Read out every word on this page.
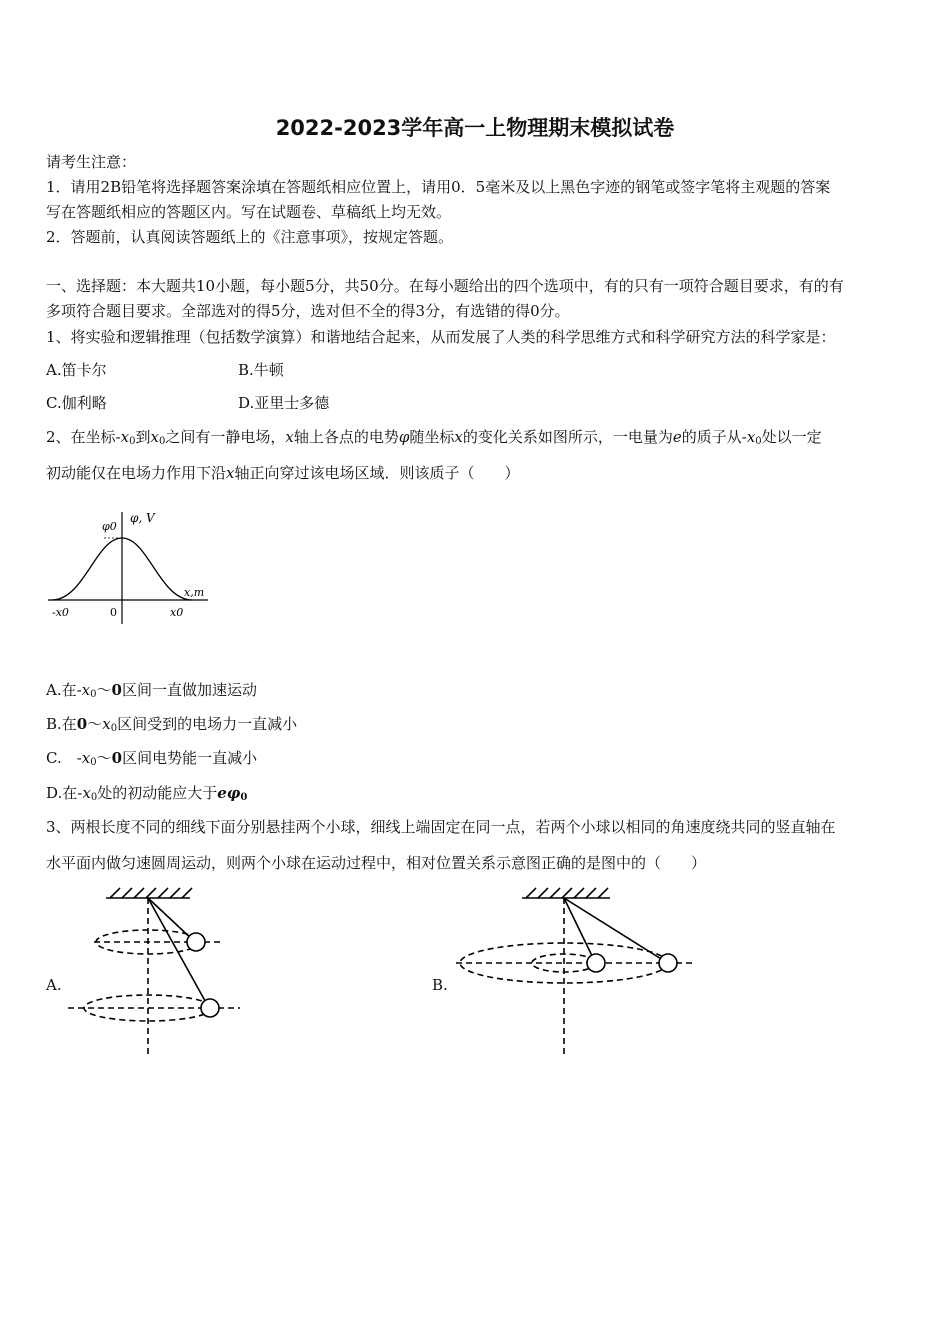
2022-2023学年高一上物理期末模拟试卷
请考生注意：
1．请用2B铅笔将选择题答案涂填在答题纸相应位置上，请用0．5毫米及以上黑色字迹的钢笔或签字笔将主观题的答案
写在答题纸相应的答题区内。写在试题卷、草稿纸上均无效。
2．答题前，认真阅读答题纸上的《注意事项》，按规定答题。
一、选择题：本大题共10小题，每小题5分，共50分。在每小题给出的四个选项中，有的只有一项符合题目要求，有的有
多项符合题目要求。全部选对的得5分，选对但不全的得3分，有选错的得0分。
1、将实验和逻辑推理（包括数学演算）和谐地结合起来，从而发展了人类的科学思维方式和科学研究方法的科学家是：
A.笛卡尔	B.牛顿
C.伽利略	D.亚里士多德
2、在坐标$-x_0$到$x_0$之间有一静电场，x轴上各点的电势φ随坐标x的变化关系如图所示，一电量为e的质子从$-x_0$处以一定
初动能仅在电场力作用下沿x轴正向穿过该电场区域．则该质子（　　）
φ0
φ, V
x,m
-x0	0	x0
A.在$-x_0\sim 0$区间一直做加速运动
B.在$0\sim x_0$区间受到的电场力一直减小
C.　$-x_0\sim 0$区间电势能一直减小
D.在$-x_0$处的初动能应大于$e\varphi_0$
3、两根长度不同的细线下面分别悬挂两个小球，细线上端固定在同一点，若两个小球以相同的角速度绕共同的竖直轴在
水平面内做匀速圆周运动，则两个小球在运动过程中，相对位置关系示意图正确的是图中的（　　）
A.	B.
